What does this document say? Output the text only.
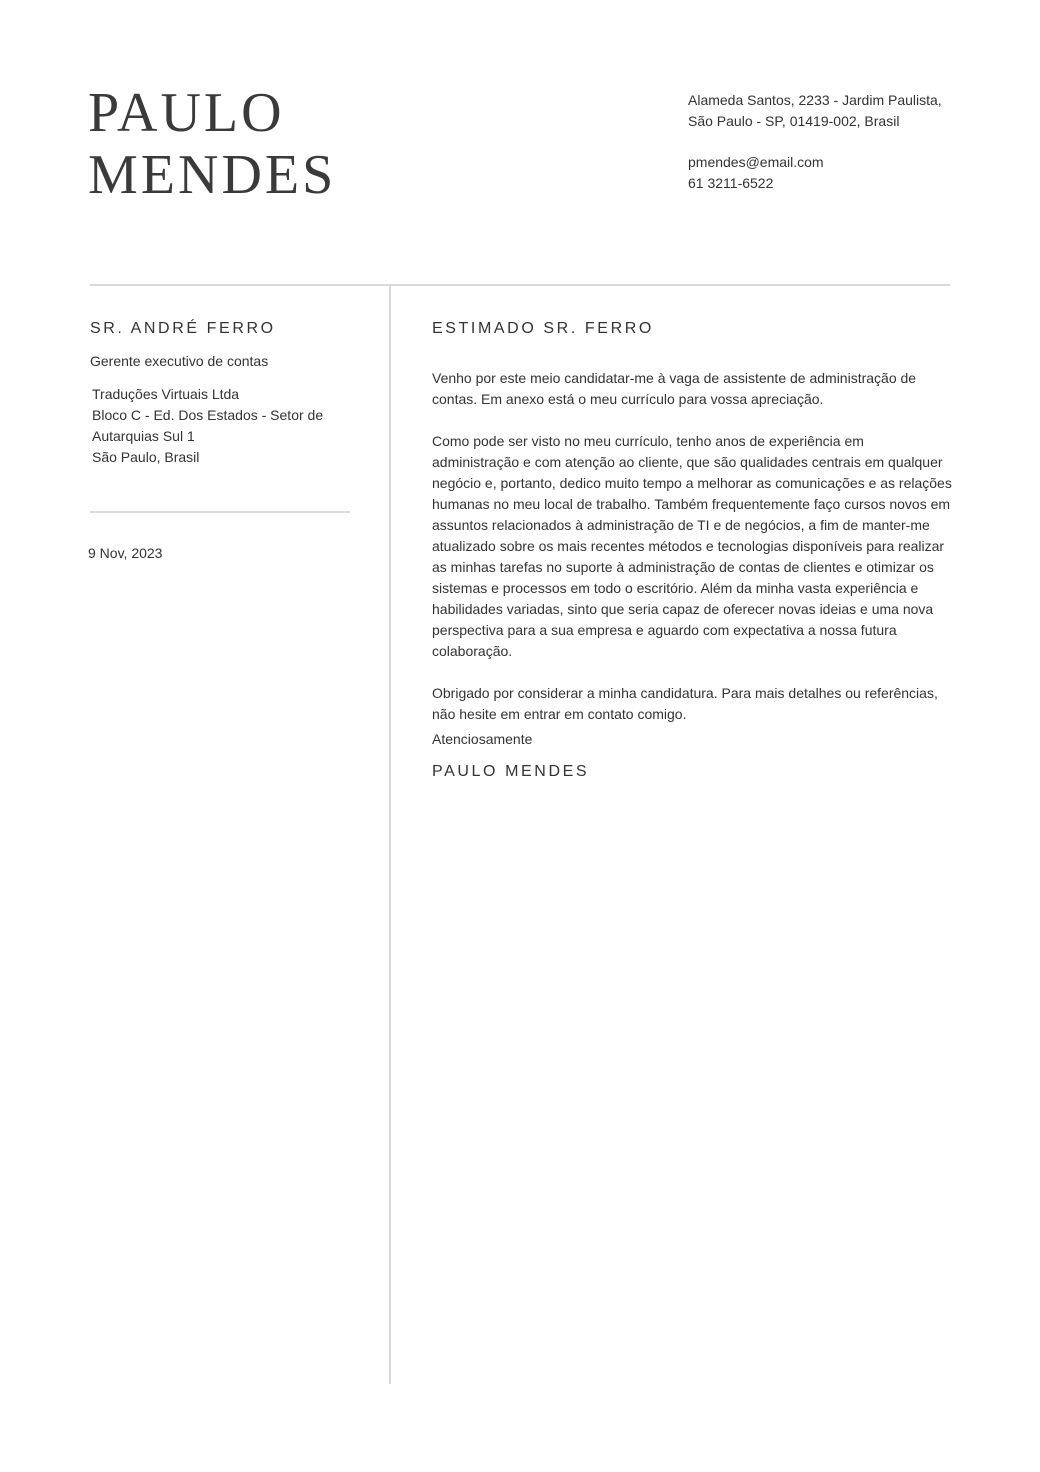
PAULO
MENDES

Alameda Santos, 2233 - Jardim Paulista,

São Paulo - SP, 01419-002, Brasil

pmendes@email.com

61 3211-6522

SR. ANDRÉ FERRO

Gerente executivo de contas

Traduções Virtuais Ltda

Bloco C - Ed. Dos Estados - Setor de

Autarquias Sul 1

São Paulo, Brasil

9 Nov, 2023

ESTIMADO SR. FERRO

Venho por este meio candidatar-me à vaga de assistente de administração de contas. Em anexo está o meu currículo para vossa apreciação.

Como pode ser visto no meu currículo, tenho anos de experiência em administração e com atenção ao cliente, que são qualidades centrais em qualquer negócio e, portanto, dedico muito tempo a melhorar as comunicações e as relações humanas no meu local de trabalho. Também frequentemente faço cursos novos em assuntos relacionados à administração de TI e de negócios, a fim de manter-me atualizado sobre os mais recentes métodos e tecnologias disponíveis para realizar as minhas tarefas no suporte à administração de contas de clientes e otimizar os sistemas e processos em todo o escritório. Além da minha vasta experiência e habilidades variadas, sinto que seria capaz de oferecer novas ideias e uma nova perspectiva para a sua empresa e aguardo com expectativa a nossa futura colaboração.

Obrigado por considerar a minha candidatura. Para mais detalhes ou referências, não hesite em entrar em contato comigo.

Atenciosamente

PAULO MENDES
